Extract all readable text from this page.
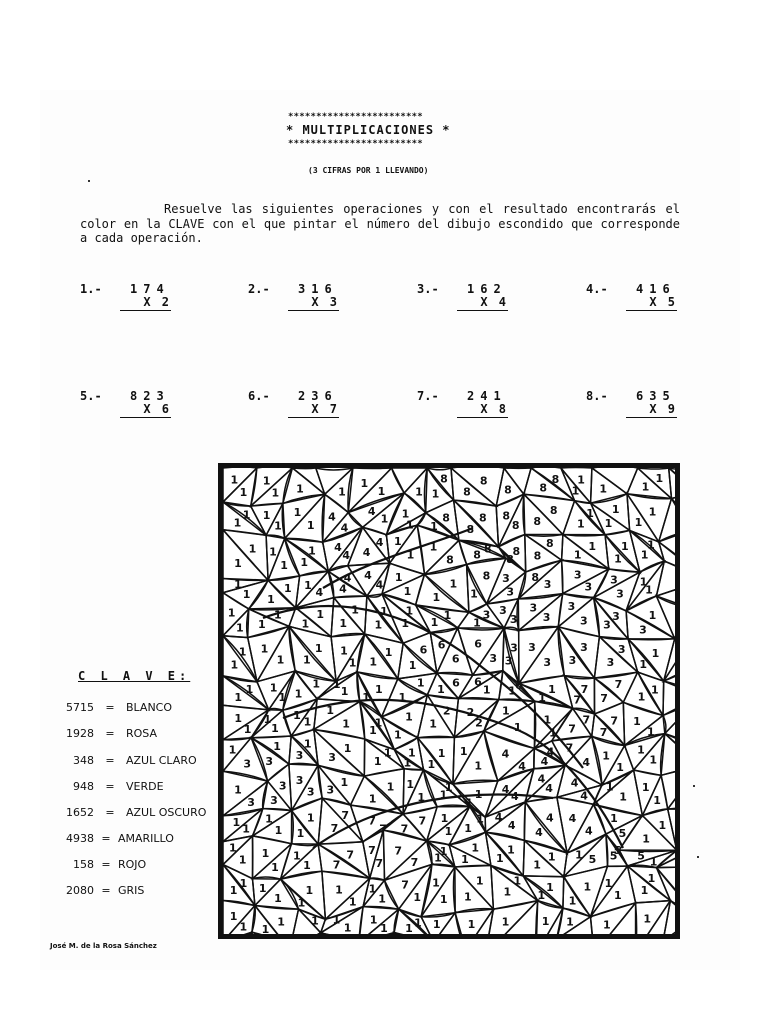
************************
* MULTIPLICACIONES *
************************
(3 CIFRAS POR 1 LLEVANDO)
Resuelve las siguientes operaciones y con el resultado encontrarás el color en la CLAVE con el que pintar el número del dibujo escondido que corresponde a cada operación.
1.- 174
X 2
2.- 316
X 3
3.- 162
X 4
4.- 416
X 5
5.- 823
X 6
6.- 236
X 7
7.- 241
X 8
8.- 635
X 9
C L A V E:
5715 = BLANCO
1928 = ROSA
348 = AZUL CLARO
948 = VERDE
1652 = AZUL OSCURO
4938 = AMARILLO
158 = ROJO
2080 = GRIS
José M. de la Rosa Sánchez
1
1
1
1 1	1
1
1	1
8
1
8
8	8
8
8
1
1 1
1
1
1
1
1
1
1
1
4
4
4
1 1
1
8
1
8
8
8
8
8
8
1
1
1
1
1
1
1
1
1
1
1
1
4
4
4
4
1
1
1
8
8
8	8
8
8
8
1
1
1
1
1
1
1
1	1
1
1
4
4
4
4
4
1
1
1
1
8
1
3
3
8
3
3
3
3
3
1
1
1
1
1
1
1
1
1
1
1
1
1
1
1
1
3
1
3
3
3
3
3
3 3
3
1
3
1
1
1
1
1
1
1
1
1
1
6
1
6
6
6
3
3
3
3
3
3
3
3
3
1
1
1
1
1
1
1
1
1
1 1
1
1
1
6
1
6
1 6
1	1
1
7
7
7
7
1
1
1
1
1
1
1 1
1
1 1
1
1
1
2
1
2
2
1
1
1
1
7
7
7
7
1
1
1
3
1
3
1
3
1
3	1
1
1
1
1
1
1
1
4
4
4
4
7
4
1
1
1
1
1
3
3
3
3
3
1
3	1
1
1
1
1
1	1
1
4
4
4
4 4
4
1
1
1
1
1
1
1
1
1
1
7
7
7
7
7
7
1
1
1
1
4
4
4
4
4
4
1
5
1
1
1
1
1
1
1
1
7
7
7
7
7
7
1
1
1
1
1
1	1
1
1 5
5
5 5 1
1
1 1
1
1
1
1
1
1
1
7
1
1
1
1
1
1
1	1
1
1
1
1
1
1
1
1
1	1
1
1 1
1
1
1 1
1 1 1 1	1 1	1	1
